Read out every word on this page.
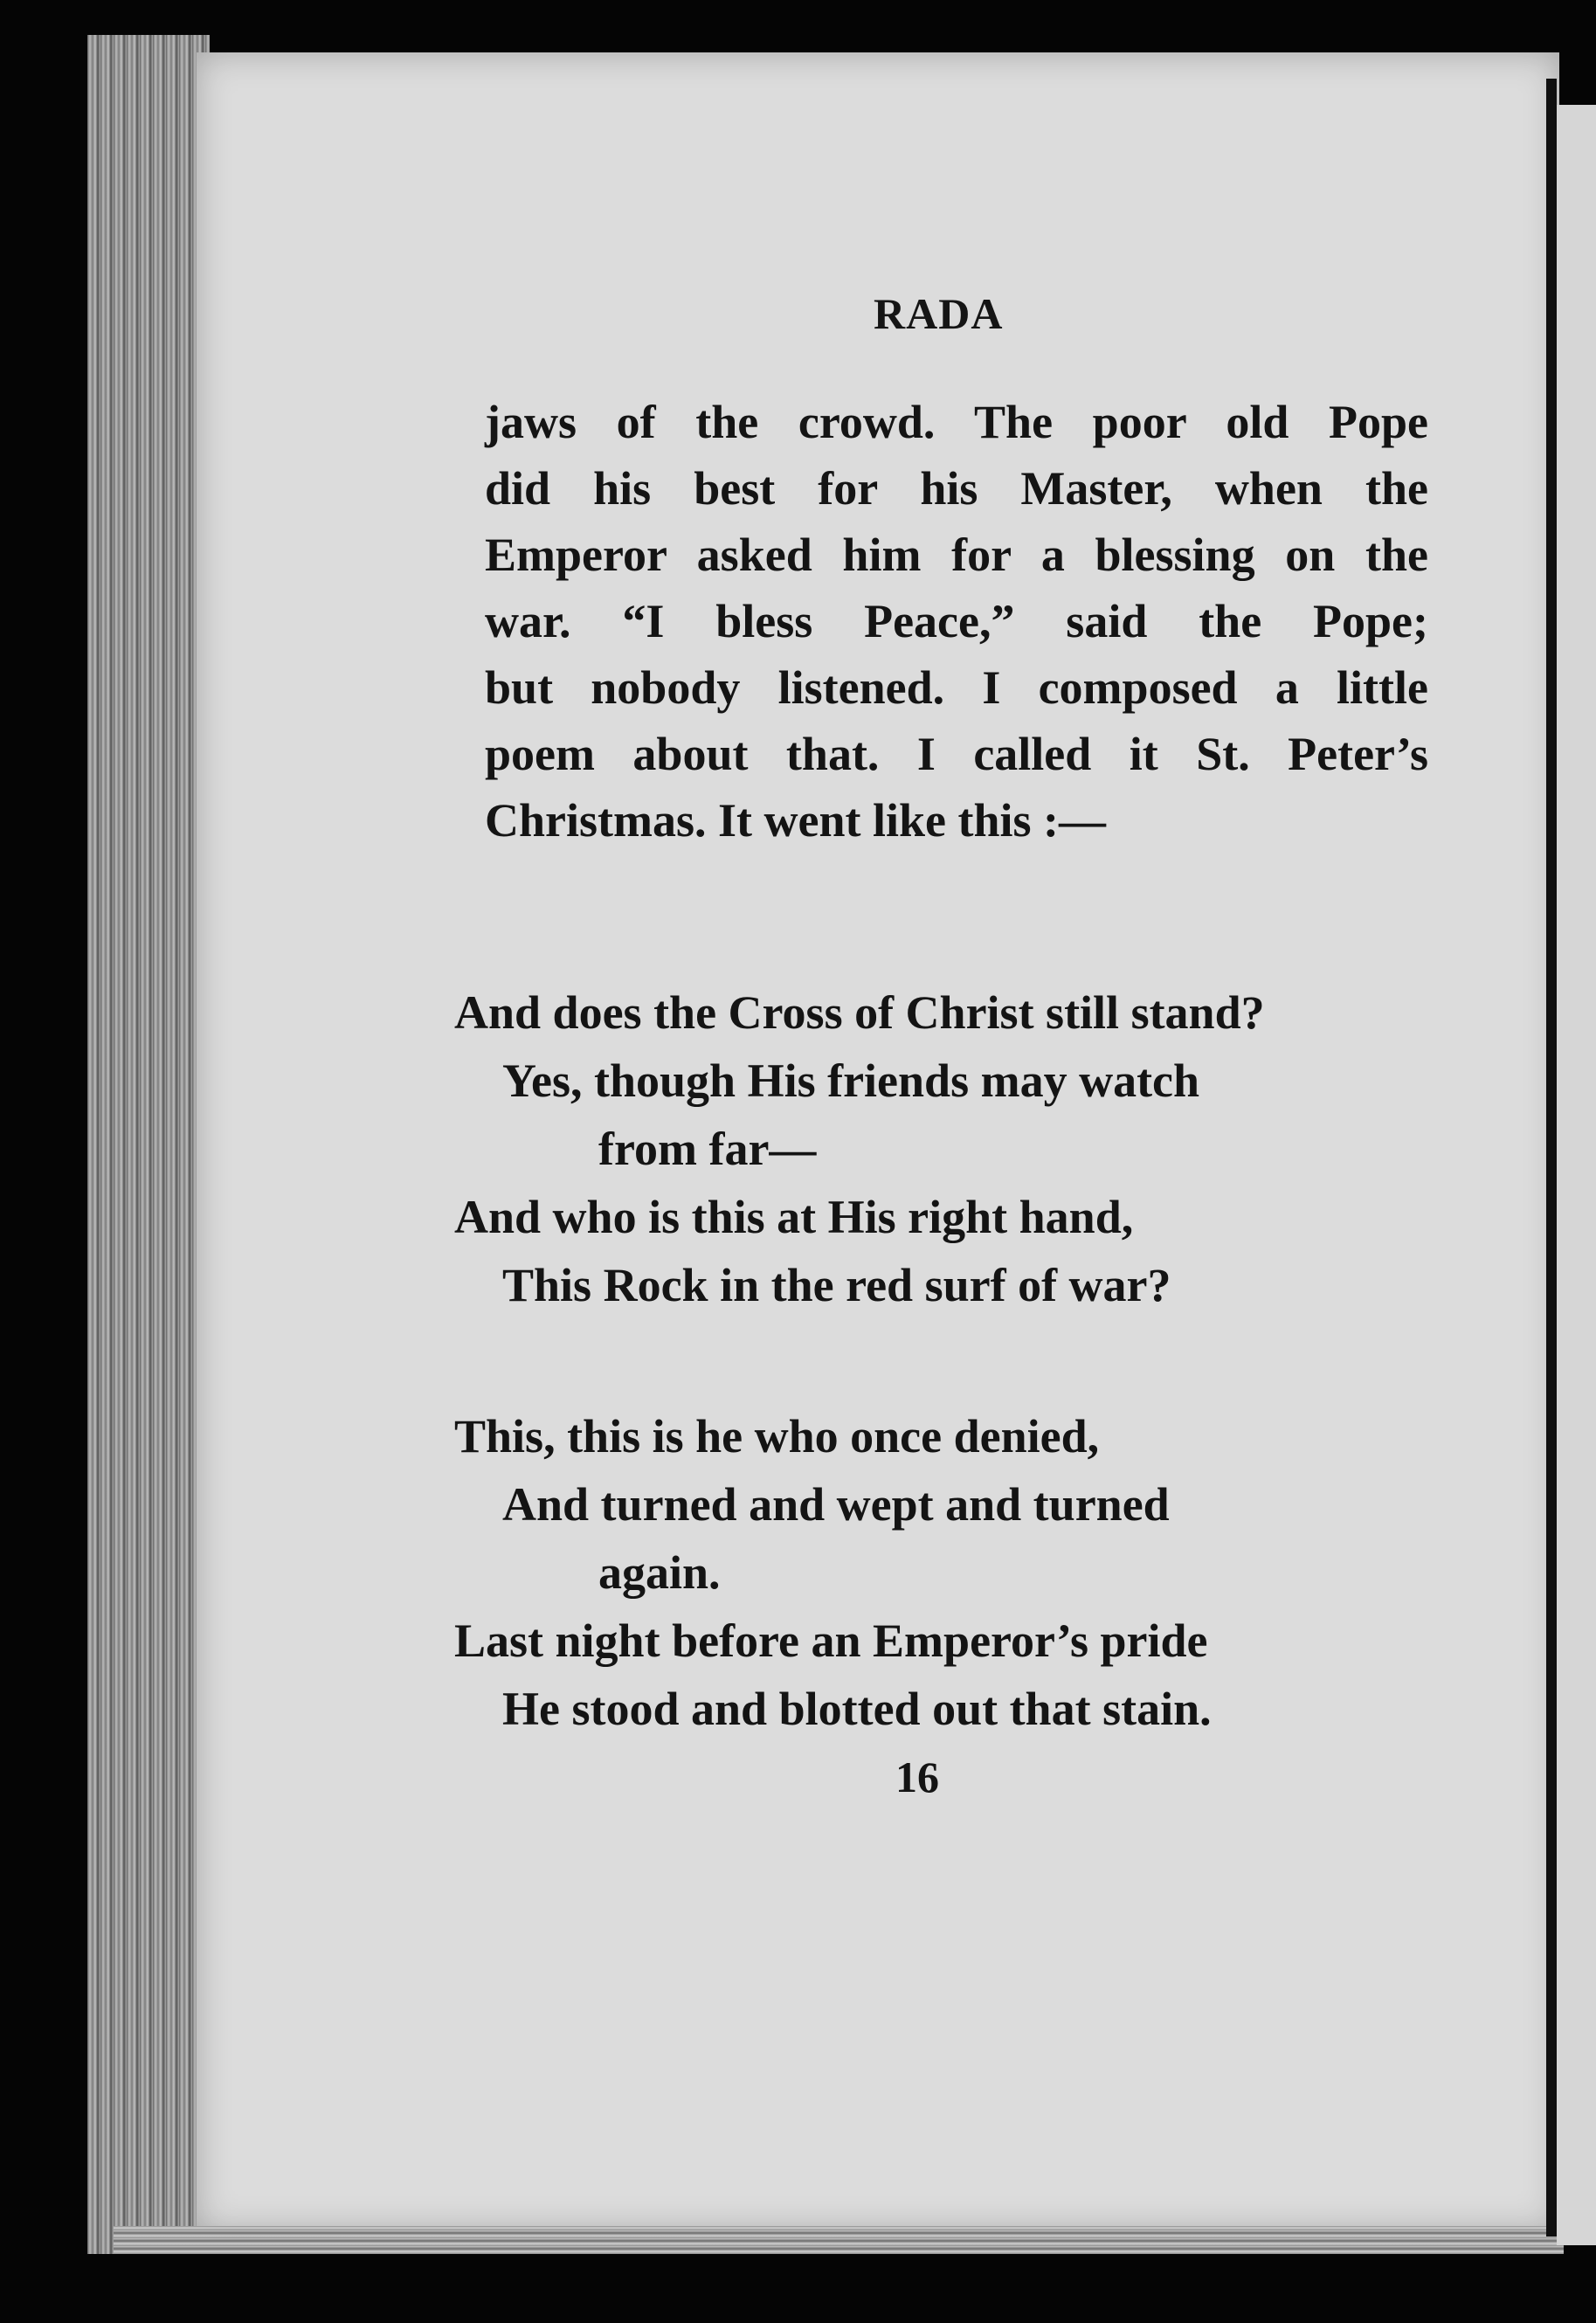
RADA
jaws of the crowd. The poor old Pope
did his best for his Master, when the
Emperor asked him for a blessing on the
war. “I bless Peace,” said the Pope;
but nobody listened. I composed a little
poem about that. I called it St. Peter’s
Christmas. It went like this :—
And does the Cross of Christ still stand?
Yes, though His friends may watch
from far—
And who is this at His right hand,
This Rock in the red surf of war?
This, this is he who once denied,
And turned and wept and turned
again.
Last night before an Emperor’s pride
He stood and blotted out that stain.
16
